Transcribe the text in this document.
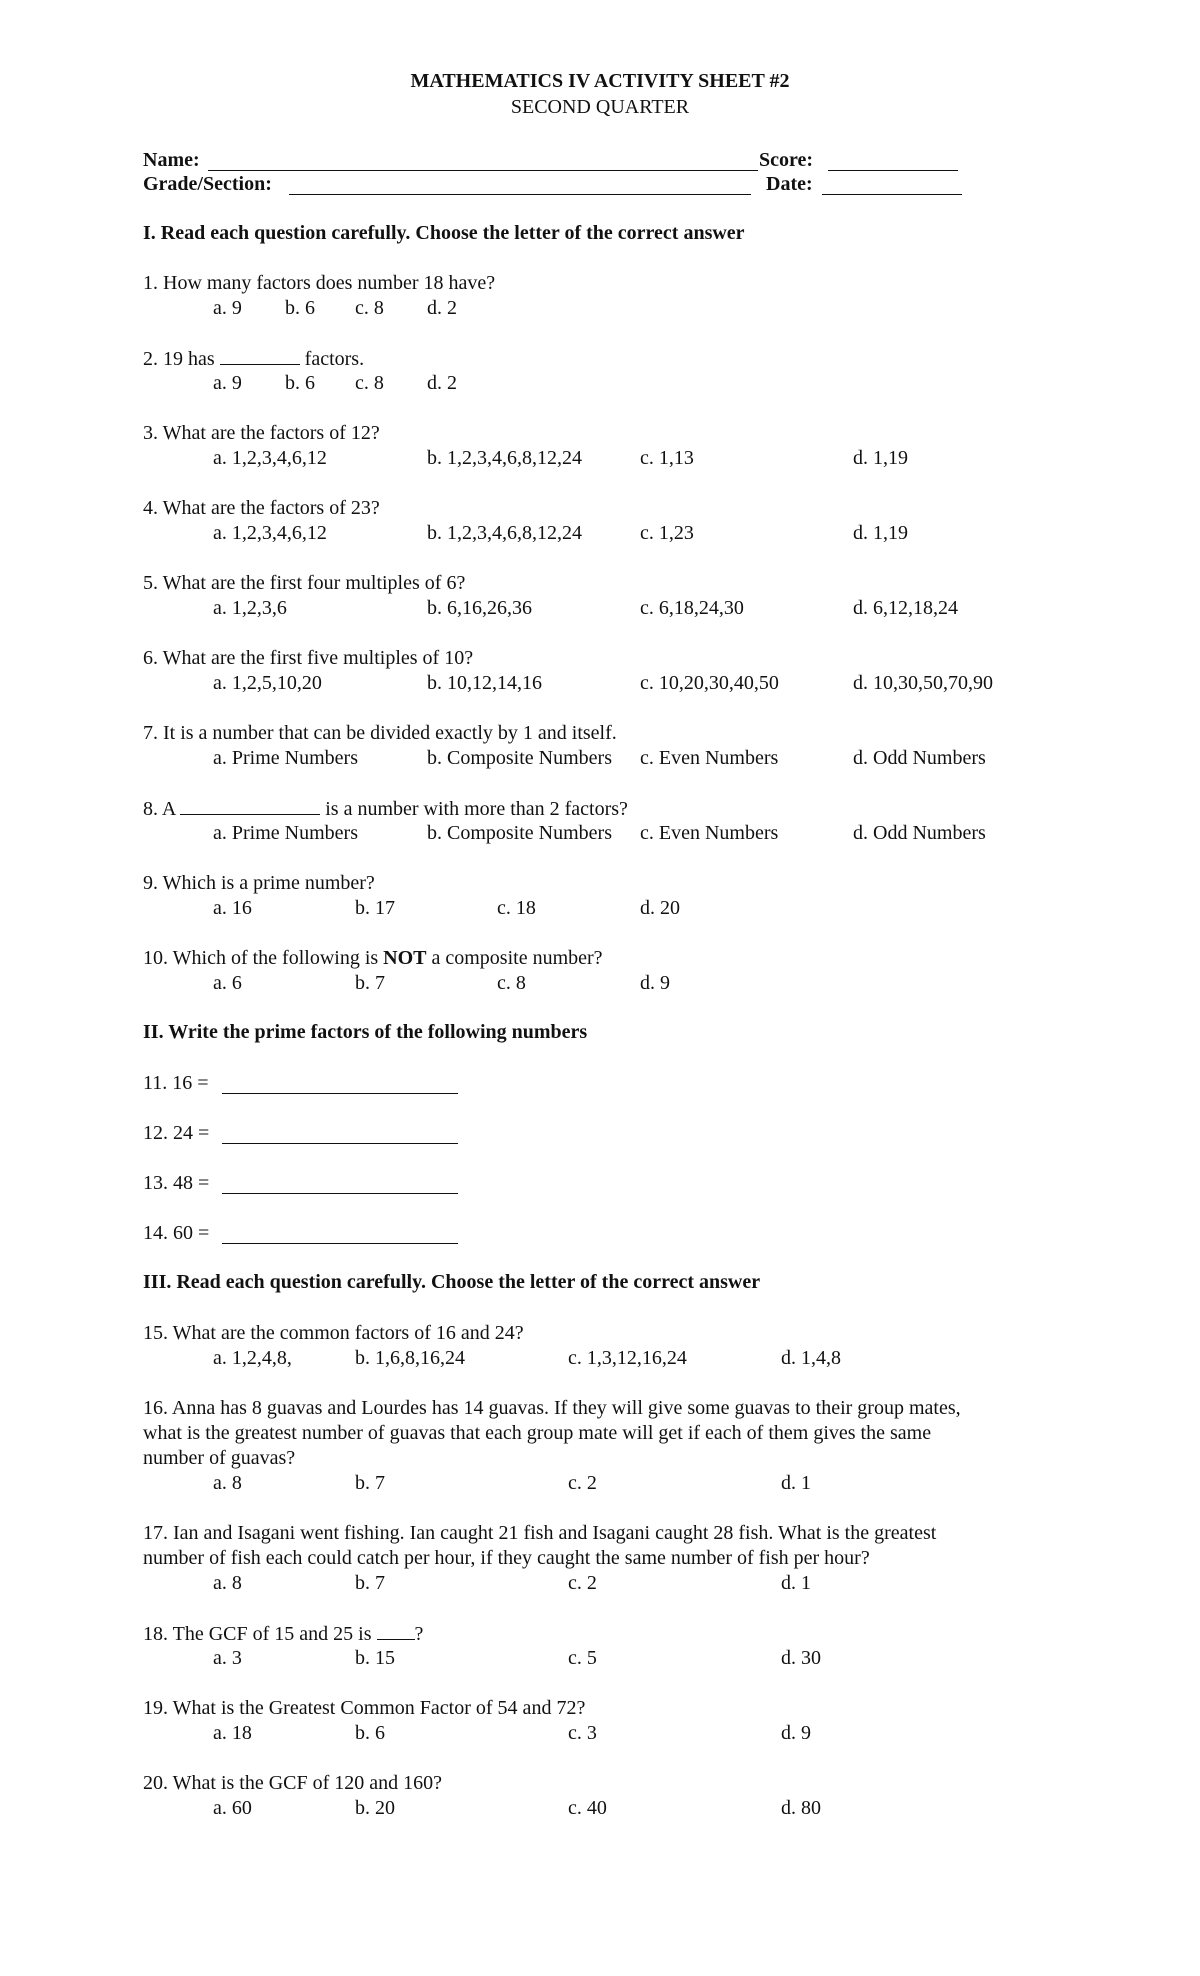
MATHEMATICS IV ACTIVITY SHEET #2
SECOND QUARTER
Name:	Score:
Grade/Section:	Date:
I. Read each question carefully. Choose the letter of the correct answer
1. How many factors does number 18 have?
a. 9 b. 6 c. 8 d. 2
2. 19 has	factors.
a. 9 b. 6 c. 8 d. 2
3. What are the factors of 12?
a. 1,2,3,4,6,12	b. 1,2,3,4,6,8,12,24	c. 1,13	d. 1,19
4. What are the factors of 23?
a. 1,2,3,4,6,12	b. 1,2,3,4,6,8,12,24	c. 1,23	d. 1,19
5. What are the first four multiples of 6?
a. 1,2,3,6	b. 6,16,26,36	c. 6,18,24,30	d. 6,12,18,24
6. What are the first five multiples of 10?
a. 1,2,5,10,20	b. 10,12,14,16	c. 10,20,30,40,50	d. 10,30,50,70,90
7. It is a number that can be divided exactly by 1 and itself.
a. Prime Numbers	b. Composite Numbers c. Even Numbers	d. Odd Numbers
8. A	is a number with more than 2 factors?
a. Prime Numbers	b. Composite Numbers c. Even Numbers	d. Odd Numbers
9. Which is a prime number?
a. 16	b. 17	c. 18	d. 20
10. Which of the following is NOT a composite number?
a. 6	b. 7	c. 8	d. 9
II. Write the prime factors of the following numbers
11. 16 =
12. 24 =
13. 48 =
14. 60 =
III. Read each question carefully. Choose the letter of the correct answer
15. What are the common factors of 16 and 24?
a. 1,2,4,8,	b. 1,6,8,16,24	c. 1,3,12,16,24	d. 1,4,8
16. Anna has 8 guavas and Lourdes has 14 guavas. If they will give some guavas to their group mates,
what is the greatest number of guavas that each group mate will get if each of them gives the same
number of guavas?
a. 8	b. 7	c. 2	d. 1
17. Ian and Isagani went fishing. Ian caught 21 fish and Isagani caught 28 fish. What is the greatest
number of fish each could catch per hour, if they caught the same number of fish per hour?
a. 8	b. 7	c. 2	d. 1
18. The GCF of 15 and 25 is ?
a. 3	b. 15	c. 5	d. 30
19. What is the Greatest Common Factor of 54 and 72?
a. 18	b. 6	c. 3	d. 9
20. What is the GCF of 120 and 160?
a. 60	b. 20	c. 40	d. 80
